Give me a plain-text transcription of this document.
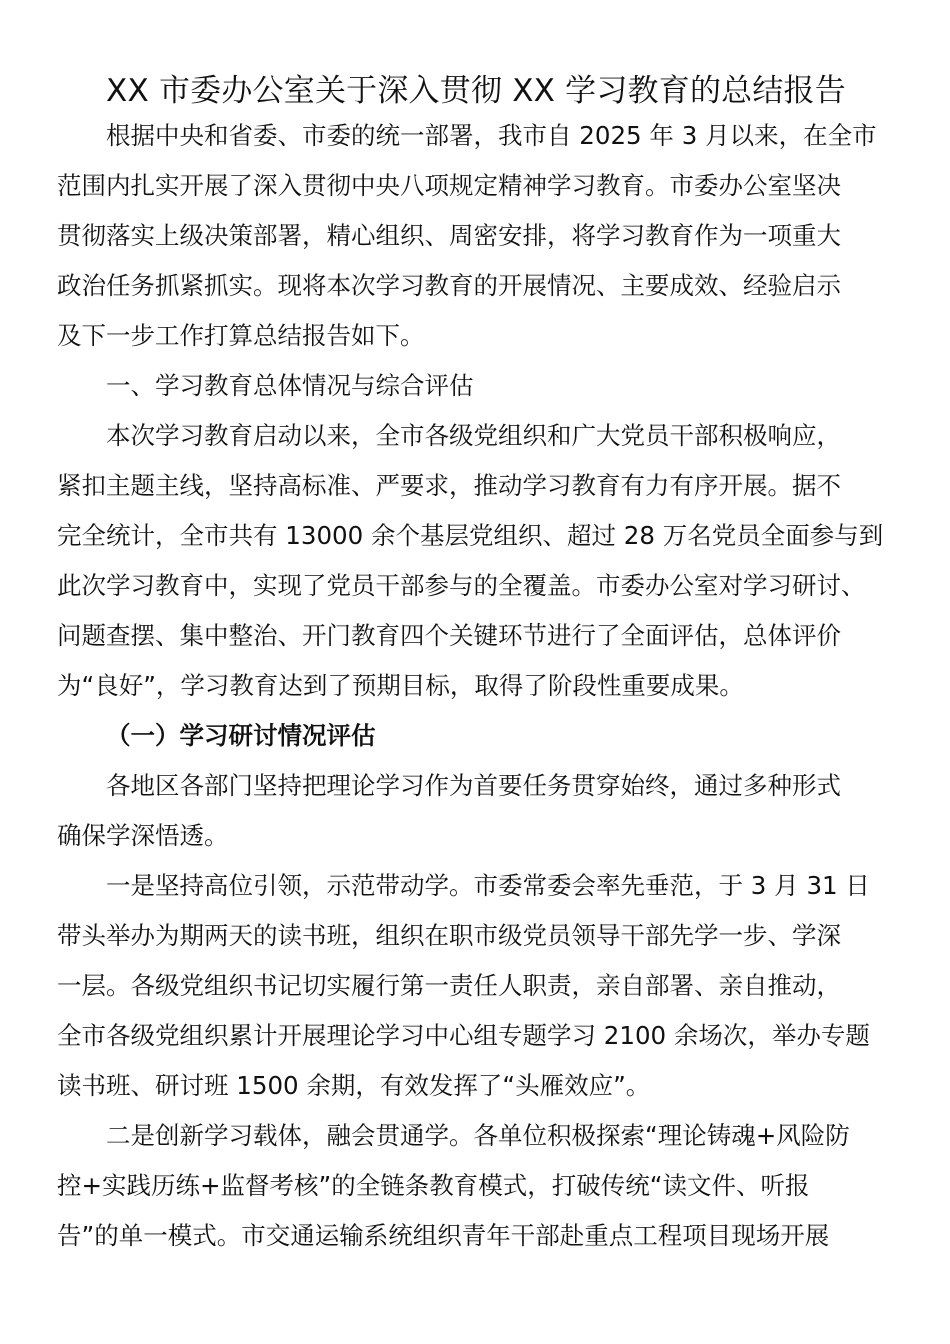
XX 市委办公室关于深入贯彻 XX 学习教育的总结报告
根据中央和省委、市委的统一部署，我市自 2025 年 3 月以来，在全市
范围内扎实开展了深入贯彻中央八项规定精神学习教育。市委办公室坚决
贯彻落实上级决策部署，精心组织、周密安排，将学习教育作为一项重大
政治任务抓紧抓实。现将本次学习教育的开展情况、主要成效、经验启示
及下一步工作打算总结报告如下。
一、学习教育总体情况与综合评估
本次学习教育启动以来，全市各级党组织和广大党员干部积极响应，
紧扣主题主线，坚持高标准、严要求，推动学习教育有力有序开展。据不
完全统计，全市共有 13000 余个基层党组织、超过 28 万名党员全面参与到
此次学习教育中，实现了党员干部参与的全覆盖。市委办公室对学习研讨、
问题查摆、集中整治、开门教育四个关键环节进行了全面评估，总体评价
为“良好”，学习教育达到了预期目标，取得了阶段性重要成果。
（一）学习研讨情况评估
各地区各部门坚持把理论学习作为首要任务贯穿始终，通过多种形式
确保学深悟透。
一是坚持高位引领，示范带动学。市委常委会率先垂范，于 3 月 31 日
带头举办为期两天的读书班，组织在职市级党员领导干部先学一步、学深
一层。各级党组织书记切实履行第一责任人职责，亲自部署、亲自推动，
全市各级党组织累计开展理论学习中心组专题学习 2100 余场次，举办专题
读书班、研讨班 1500 余期，有效发挥了“头雁效应”。
二是创新学习载体，融会贯通学。各单位积极探索“理论铸魂+风险防
控+实践历练+监督考核”的全链条教育模式，打破传统“读文件、听报
告”的单一模式。市交通运输系统组织青年干部赴重点工程项目现场开展
